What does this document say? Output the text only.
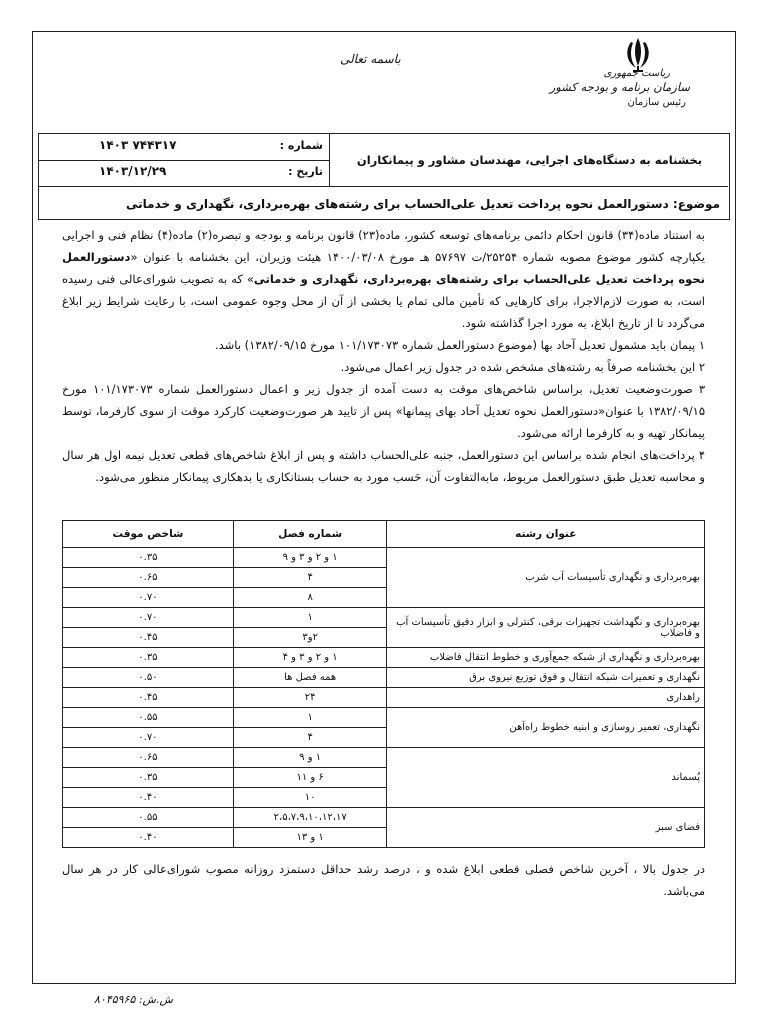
ریاست جمهوری
سازمان برنامه و بودجه کشور
رئیس سازمان
باسمه تعالی
بخشنامه به دستگاه‌های اجرایی، مهندسان مشاور و پیمانکاران
شماره :
۱۴۰۳ ۷۴۴۳۱۷
تاریخ :
۱۴۰۳/۱۲/۲۹
موضوع: دستورالعمل نحوه پرداخت تعدیل علی‌الحساب برای رشته‌های بهره‌برداری، نگهداری و خدماتی

به استناد ماده(۳۴) قانون احکام دائمی برنامه‌های توسعه کشور، ماده(۲۳) قانون برنامه و بودجه و تبصره(۲) ماده(۴) نظام فنی و اجرایی یکپارچه کشور موضوع مصوبه شماره ۲۵۲۵۴/ت ۵۷۶۹۷ هـ مورخ ۱۴۰۰/۰۳/۰۸ هیئت وزیران، این بخشنامه با عنوان «دستورالعمل نحوه پرداخت تعدیل علی‌الحساب برای رشته‌های بهره‌برداری، نگهداری و خدماتی» که به تصویب شورای‌عالی فنی رسیده است، به صورت لازم‌الاجرا، برای کارهایی که تأمین مالی تمام یا بخشی از آن از محل وجوه عمومی است، با رعایت شرایط زیر ابلاغ می‌گردد تا از تاریخ ابلاغ، به مورد اجرا گذاشته شود.

۱ پیمان باید مشمول تعدیل آحاد بها (موضوع دستورالعمل شماره ۱۰۱/۱۷۳۰۷۳ مورخ ۱۳۸۲/۰۹/۱۵) باشد.

۲ این بخشنامه صرفاً به رشته‌های مشخص شده در جدول زیر اعمال می‌شود.

۳ صورت‌وضعیت تعدیل، براساس شاخص‌های موقت به دست آمده از جدول زیر و اعمال دستورالعمل شماره ۱۰۱/۱۷۳۰۷۳ مورخ ۱۳۸۲/۰۹/۱۵ با عنوان«دستورالعمل نحوه تعدیل آحاد بهای پیمانها» پس از تایید هر صورت‌وضعیت کارکرد موقت از سوی کارفرما، توسط پیمانکار تهیه و به کارفرما ارائه می‌شود.

۴ پرداخت‌های انجام شده براساس این دستورالعمل، جنبه علی‌الحساب داشته و پس از ابلاغ شاخص‌های قطعی تعدیل نیمه اول هر سال و محاسبه تعدیل طبق دستورالعمل مربوط، مابه‌التفاوت آن، حَسب مورد به حساب بستانکاری یا بدهکاری پیمانکار منظور می‌شود.

عنوان رشته	شماره فصل	شاخص موقت
بهره‌برداری و نگهداری تأسیسات آب شرب	۱ و ۲ و ۳ و ۹	۰.۳۵
	۴	۰.۶۵
	۸	۰.۷۰
بهره‌برداری و نگهداشت تجهیزات برقی، کنترلی و ابزار دقیق تأسیسات آب و فاضلاب	۱	۰.۷۰
	۲و۳	۰.۴۵
بهره‌برداری و نگهداری از شبکه جمع‌آوری و خطوط انتقال فاضلاب	۱ و ۲ و ۳ و ۴	۰.۳۵
نگهداری و تعمیرات شبکه انتقال و فوق توزیع نیروی برق	همه فصل ها	۰.۵۰
راهداری	۲۴	۰.۴۵
نگهداری، تعمیر روسازی و ابنیه خطوط راه‌آهن	۱	۰.۵۵
	۴	۰.۷۰
پُسماند	۱ و ۹	۰.۶۵
	۶ و ۱۱	۰.۳۵
	۱۰	۰.۴۰
فضای سبز	۲،۵،۷،۹،۱۰،۱۲،۱۷	۰.۵۵
	۱ و ۱۳	۰.۴۰
در جدول بالا ، آخرین شاخص فصلی قطعی ابلاغ شده و ، درصد رشد حداقل دستمزد روزانه مصوب شورای‌عالی کار در هر سال می‌باشد.
ش.ش: ۸۰۴۵۹۶۵
